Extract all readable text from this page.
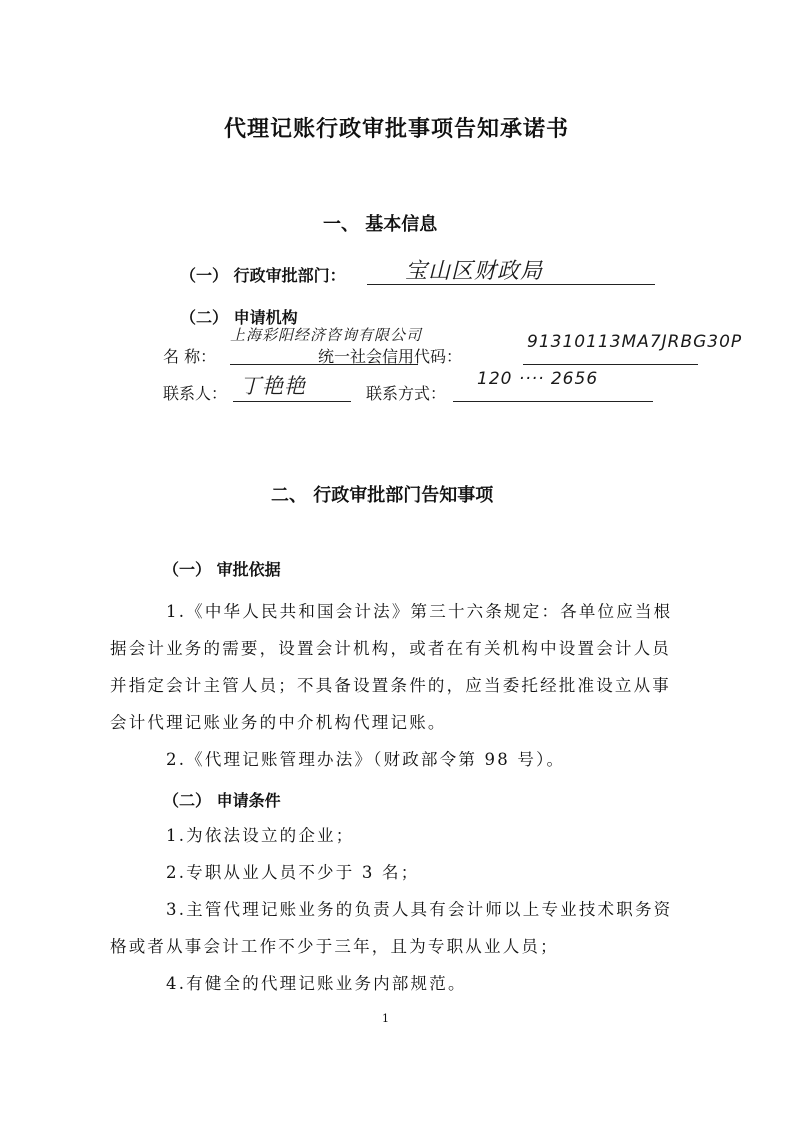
代理记账行政审批事项告知承诺书
一、 基本信息
（一） 行政审批部门：	宝山区财政局
（二） 申请机构
名 称：
上海彩阳经济咨询有限公司
统一社会信用代码：
91310113MA7JRBG30P
联系人： 丁艳艳	联系方式：
120 ···· 2656
二、 行政审批部门告知事项
（一） 审批依据
1.《中华人民共和国会计法》第三十六条规定：各单位应当根据会计业务的需要，设置会计机构，或者在有关机构中设置会计人员并指定会计主管人员；不具备设置条件的，应当委托经批准设立从事会计代理记账业务的中介机构代理记账。
2.《代理记账管理办法》（财政部令第 98 号）。
（二） 申请条件
1.为依法设立的企业；
2.专职从业人员不少于 3 名；
3.主管代理记账业务的负责人具有会计师以上专业技术职务资格或者从事会计工作不少于三年，且为专职从业人员；
4.有健全的代理记账业务内部规范。
1
